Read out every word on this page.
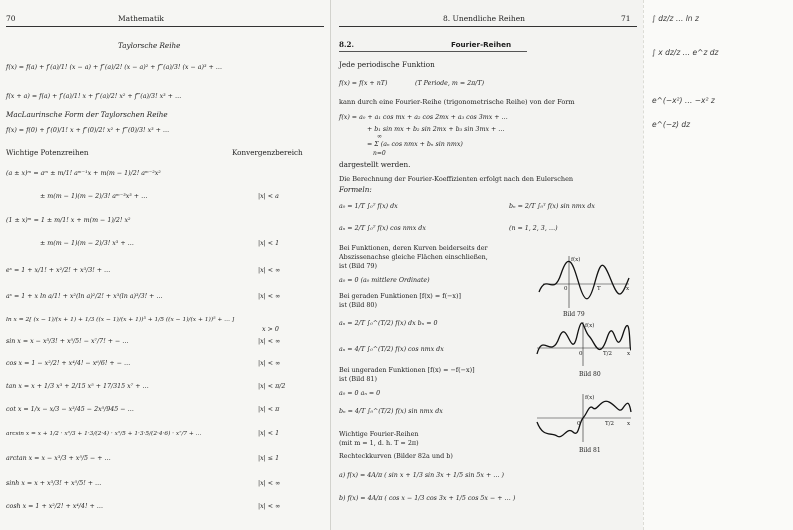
70	Mathematik
Taylorsche Reihe
f(x) = f(a) + f′(a)/1! (x − a) + f″(a)/2! (x − a)² + f‴(a)/3! (x − a)³ + …
f(x + a) = f(a) + f′(a)/1! x + f″(a)/2! x² + f‴(a)/3! x³ + …
MacLaurinsche Form der Taylorschen Reihe
f(x) = f(0) + f′(0)/1! x + f″(0)/2! x² + f‴(0)/3! x³ + …
Wichtige Potenzreihen	Konvergenzbereich
(a ± x)ᵐ = aᵐ ± m/1! aᵐ⁻¹x + m(m − 1)/2! aᵐ⁻²x²
± m(m − 1)(m − 2)/3! aᵐ⁻³x³ + …	|x| < a
(1 ± x)ᵐ = 1 ± m/1! x + m(m − 1)/2! x²
± m(m − 1)(m − 2)/3! x³ + …	|x| < 1
eˣ = 1 + x/1! + x²/2! + x³/3! + …	|x| < ∞
aˣ = 1 + x ln a/1! + x²(ln a)²/2! + x³(ln a)³/3! + …	|x| < ∞
ln x = 2[ (x − 1)/(x + 1) + 1/3 ((x − 1)/(x + 1))³ + 1/5 ((x − 1)/(x + 1))⁵ + … ]
x > 0
sin x = x − x³/3! + x⁵/5! − x⁷/7! + − …	|x| < ∞
cos x = 1 − x²/2! + x⁴/4! − x⁶/6! + − …	|x| < ∞
tan x = x + 1/3 x³ + 2/15 x⁵ + 17/315 x⁷ + …	|x| < π/2
cot x = 1/x − x/3 − x³/45 − 2x⁵/945 − …	|x| < π
arcsin x = x + 1/2 · x³/3 + 1·3/(2·4) · x⁵/5 + 1·3·5/(2·4·6) · x⁷/7 + …	|x| < 1
arctan x = x − x³/3 + x⁵/5 − + …	|x| ≤ 1
sinh x = x + x³/3! + x⁵/5! + …	|x| < ∞
cosh x = 1 + x²/2! + x⁴/4! + …	|x| < ∞
8. Unendliche Reihen	71
8.2.	Fourier-Reihen
Jede periodische Funktion
f(x) = f(x + nT)	(T Periode, m = 2π/T)
kann durch eine Fourier-Reihe (trigonometrische Reihe) von der Form
f(x) = a₀ + a₁ cos mx + a₂ cos 2mx + a₃ cos 3mx + …
+ b₁ sin mx + b₂ sin 2mx + b₃ sin 3mx + …
∞
= Σ (aₙ cos nmx + bₙ sin nmx)
n=0
dargestellt werden.
Die Berechnung der Fourier-Koeffizienten erfolgt nach den Eulerschen
Formeln:
a₀ = 1/T ∫₀ᵀ f(x) dx	bₙ = 2/T ∫₀ᵀ f(x) sin nmx dx
aₙ = 2/T ∫₀ᵀ f(x) cos nmx dx	(n = 1, 2, 3, …)
Bei Funktionen, deren Kurven beiderseits der
Abszissenachse gleiche Flächen einschließen,
ist (Bild 79)
a₀ = 0 (a₀ mittlere Ordinate)
Bei geraden Funktionen [f(x) = f(−x)]
ist (Bild 80)
aₙ = 2/T ∫₀^(T/2) f(x) dx bₙ = 0
aₙ = 4/T ∫₀^(T/2) f(x) cos nmx dx
Bei ungeraden Funktionen [f(x) = −f(−x)]
ist (Bild 81)
a₀ = 0 aₙ = 0
bₙ = 4/T ∫₀^(T/2) f(x) sin nmx dx
Wichtige Fourier-Reihen
(mit m = 1, d. h. T = 2π)
Rechteckkurven (Bilder 82a und b)
a) f(x) = 4A/π ( sin x + 1/3 sin 3x + 1/5 sin 5x + … )
b) f(x) = 4A/π ( cos x − 1/3 cos 3x + 1/5 cos 5x − + … )
f(x)
x
0	T
Bild 79
f(x)
x
0	T/2
Bild 80
f(x)
x
0	T/2
Bild 81
∫ dz/z … ln z
∫ x dz/z … e^z dz
e^(−x²) … −x² z
e^(−z) dz
